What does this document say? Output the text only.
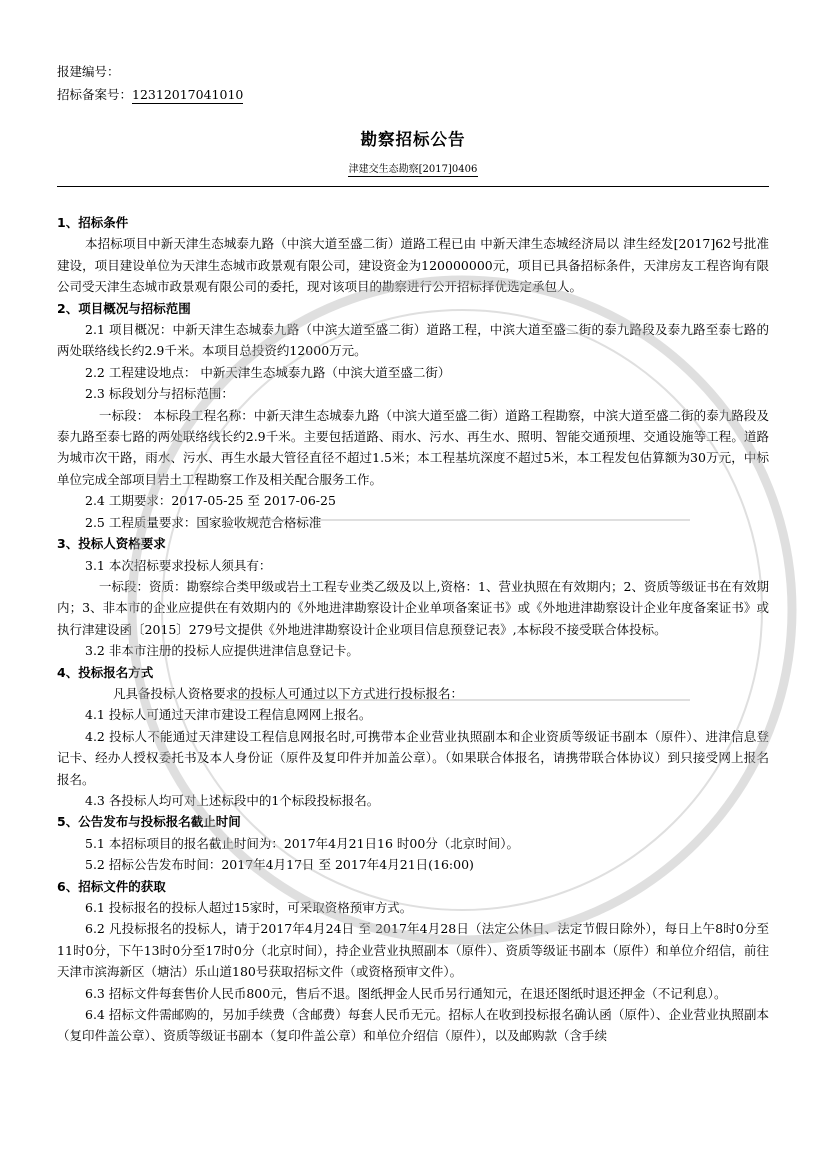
报建编号：
招标备案号：12312017041010
勘察招标公告
津建交生态勘察[2017]0406
1、招标条件
本招标项目中新天津生态城泰九路（中滨大道至盛二街）道路工程已由 中新天津生态城经济局以 津生经发[2017]62号批准建设，项目建设单位为天津生态城市政景观有限公司，建设资金为120000000元，项目已具备招标条件，天津房友工程咨询有限公司受天津生态城市政景观有限公司的委托，现对该项目的勘察进行公开招标择优选定承包人。
2、项目概况与招标范围
2.1 项目概况：中新天津生态城泰九路（中滨大道至盛二街）道路工程，中滨大道至盛二街的泰九路段及泰九路至泰七路的两处联络线长约2.9千米。本项目总投资约12000万元。
2.2 工程建设地点： 中新天津生态城泰九路（中滨大道至盛二街）
2.3 标段划分与招标范围：
一标段： 本标段工程名称：中新天津生态城泰九路（中滨大道至盛二街）道路工程勘察，中滨大道至盛二街的泰九路段及泰九路至泰七路的两处联络线长约2.9千米。主要包括道路、雨水、污水、再生水、照明、智能交通预埋、交通设施等工程。道路为城市次干路，雨水、污水、再生水最大管径直径不超过1.5米；本工程基坑深度不超过5米，本工程发包估算额为30万元，中标单位完成全部项目岩土工程勘察工作及相关配合服务工作。
2.4 工期要求：2017-05-25 至 2017-06-25
2.5 工程质量要求：国家验收规范合格标准
3、投标人资格要求
3.1 本次招标要求投标人须具有：
一标段：资质：勘察综合类甲级或岩土工程专业类乙级及以上,资格：1、营业执照在有效期内；2、资质等级证书在有效期内；3、非本市的企业应提供在有效期内的《外地进津勘察设计企业单项备案证书》或《外地进津勘察设计企业年度备案证书》或执行津建设函〔2015〕279号文提供《外地进津勘察设计企业项目信息预登记表》,本标段不接受联合体投标。
3.2 非本市注册的投标人应提供进津信息登记卡。
4、投标报名方式
凡具备投标人资格要求的投标人可通过以下方式进行投标报名：
4.1 投标人可通过天津市建设工程信息网网上报名。
4.2 投标人不能通过天津建设工程信息网报名时,可携带本企业营业执照副本和企业资质等级证书副本（原件）、进津信息登记卡、经办人授权委托书及本人身份证（原件及复印件并加盖公章）。（如果联合体报名，请携带联合体协议）到只接受网上报名报名。
4.3 各投标人均可对上述标段中的1个标段投标报名。
5、公告发布与投标报名截止时间
5.1 本招标项目的报名截止时间为：2017年4月21日16 时00分（北京时间）。
5.2 招标公告发布时间：2017年4月17日 至 2017年4月21日(16:00)
6、招标文件的获取
6.1 投标报名的投标人超过15家时，可采取资格预审方式。
6.2 凡投标报名的投标人，请于2017年4月24日 至 2017年4月28日（法定公休日、法定节假日除外），每日上午8时0分至11时0分，下午13时0分至17时0分（北京时间），持企业营业执照副本（原件）、资质等级证书副本（原件）和单位介绍信，前往天津市滨海新区（塘沽）乐山道180号获取招标文件（或资格预审文件）。
6.3 招标文件每套售价人民币800元，售后不退。图纸押金人民币另行通知元，在退还图纸时退还押金（不记利息）。
6.4 招标文件需邮购的，另加手续费（含邮费）每套人民币无元。招标人在收到投标报名确认函（原件）、企业营业执照副本（复印件盖公章）、资质等级证书副本（复印件盖公章）和单位介绍信（原件），以及邮购款（含手续
